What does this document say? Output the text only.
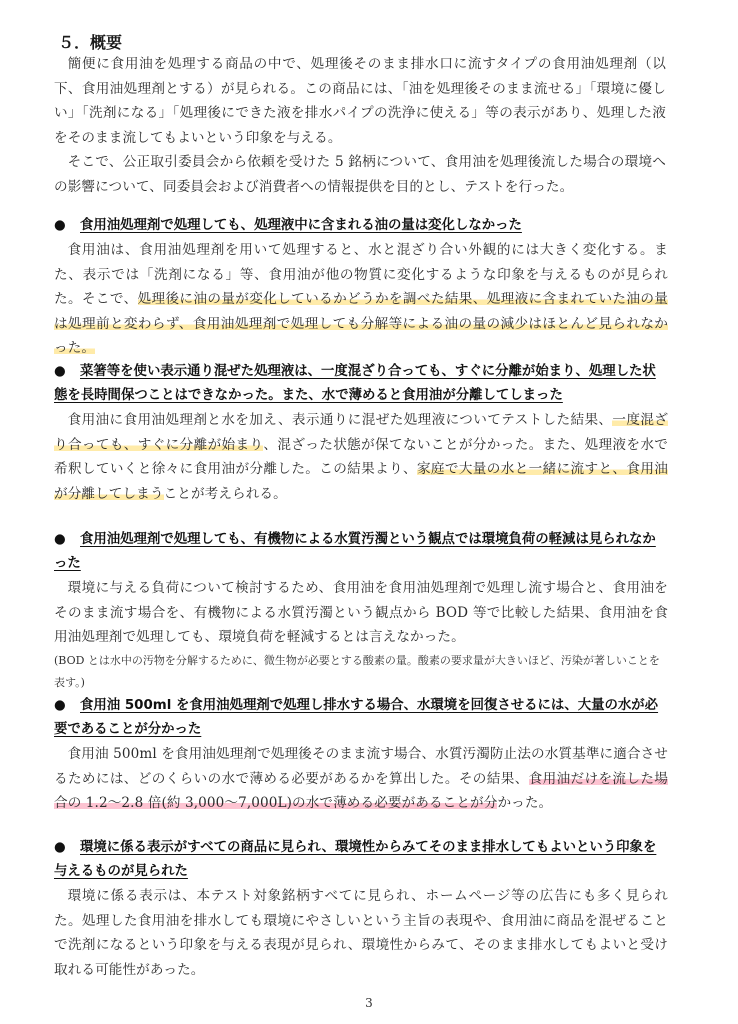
５．概要

簡便に食用油を処理する商品の中で、処理後そのまま排水口に流すタイプの食用油処理剤（以下、食用油処理剤とする）が見られる。この商品には、「油を処理後そのまま流せる」「環境に優しい」「洗剤になる」「処理後にできた液を排水パイプの洗浄に使える」等の表示があり、処理した液をそのまま流してもよいという印象を与える。

そこで、公正取引委員会から依頼を受けた 5 銘柄について、食用油を処理後流した場合の環境への影響について、同委員会および消費者への情報提供を目的とし、テストを行った。

● 食用油処理剤で処理しても、処理液中に含まれる油の量は変化しなかった

食用油は、食用油処理剤を用いて処理すると、水と混ざり合い外観的には大きく変化する。また、表示では「洗剤になる」等、食用油が他の物質に変化するような印象を与えるものが見られた。そこで、処理後に油の量が変化しているかどうかを調べた結果、処理液に含まれていた油の量は処理前と変わらず、食用油処理剤で処理しても分解等による油の量の減少はほとんど見られなかった。

● 菜箸等を使い表示通り混ぜた処理液は、一度混ざり合っても、すぐに分離が始まり、処理した状態を長時間保つことはできなかった。また、水で薄めると食用油が分離してしまった

食用油に食用油処理剤と水を加え、表示通りに混ぜた処理液についてテストした結果、一度混ざり合っても、すぐに分離が始まり、混ざった状態が保てないことが分かった。また、処理液を水で希釈していくと徐々に食用油が分離した。この結果より、家庭で大量の水と一緒に流すと、食用油が分離してしまうことが考えられる。

● 食用油処理剤で処理しても、有機物による水質汚濁という観点では環境負荷の軽減は見られなかった

環境に与える負荷について検討するため、食用油を食用油処理剤で処理し流す場合と、食用油をそのまま流す場合を、有機物による水質汚濁という観点から BOD 等で比較した結果、食用油を食用油処理剤で処理しても、環境負荷を軽減するとは言えなかった。

(BOD とは水中の汚物を分解するために、微生物が必要とする酸素の量。酸素の要求量が大きいほど、汚染が著しいことを表す。)

● 食用油 500ml を食用油処理剤で処理し排水する場合、水環境を回復させるには、大量の水が必要であることが分かった

食用油 500ml を食用油処理剤で処理後そのまま流す場合、水質汚濁防止法の水質基準に適合させるためには、どのくらいの水で薄める必要があるかを算出した。その結果、食用油だけを流した場合の 1.2～2.8 倍(約 3,000～7,000L)の水で薄める必要があることが分かった。

● 環境に係る表示がすべての商品に見られ、環境性からみてそのまま排水してもよいという印象を与えるものが見られた

環境に係る表示は、本テスト対象銘柄すべてに見られ、ホームページ等の広告にも多く見られた。処理した食用油を排水しても環境にやさしいという主旨の表現や、食用油に商品を混ぜることで洗剤になるという印象を与える表現が見られ、環境性からみて、そのまま排水してもよいと受け取れる可能性があった。

3
